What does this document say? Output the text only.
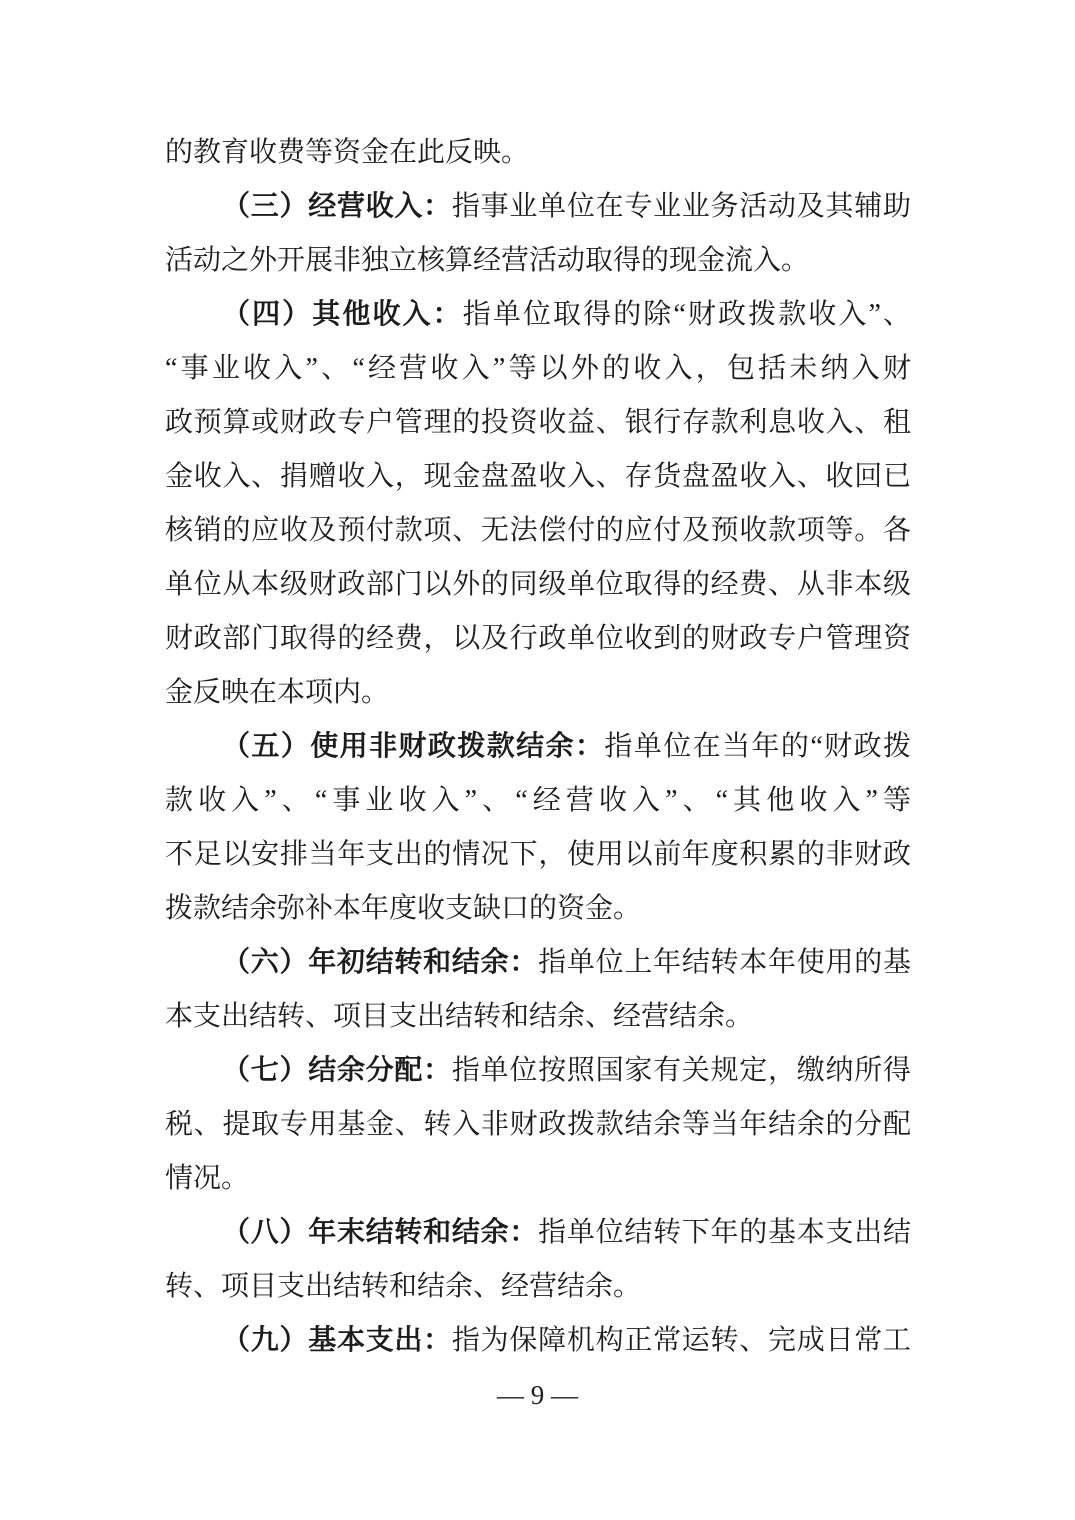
的教育收费等资金在此反映。
（三）经营收入：指事业单位在专业业务活动及其辅助
活动之外开展非独立核算经营活动取得的现金流入。
（四）其他收入：指单位取得的除“财政拨款收入”、
“事业收入”、“经营收入”等以外的收入，包括未纳入财
政预算或财政专户管理的投资收益、银行存款利息收入、租
金收入、捐赠收入，现金盘盈收入、存货盘盈收入、收回已
核销的应收及预付款项、无法偿付的应付及预收款项等。各
单位从本级财政部门以外的同级单位取得的经费、从非本级
财政部门取得的经费，以及行政单位收到的财政专户管理资
金反映在本项内。
（五）使用非财政拨款结余：指单位在当年的“财政拨
款收入”、“事业收入”、“经营收入”、“其他收入”等
不足以安排当年支出的情况下，使用以前年度积累的非财政
拨款结余弥补本年度收支缺口的资金。
（六）年初结转和结余：指单位上年结转本年使用的基
本支出结转、项目支出结转和结余、经营结余。
（七）结余分配：指单位按照国家有关规定，缴纳所得
税、提取专用基金、转入非财政拨款结余等当年结余的分配
情况。
（八）年末结转和结余：指单位结转下年的基本支出结
转、项目支出结转和结余、经营结余。
（九）基本支出：指为保障机构正常运转、完成日常工
— 9 —
